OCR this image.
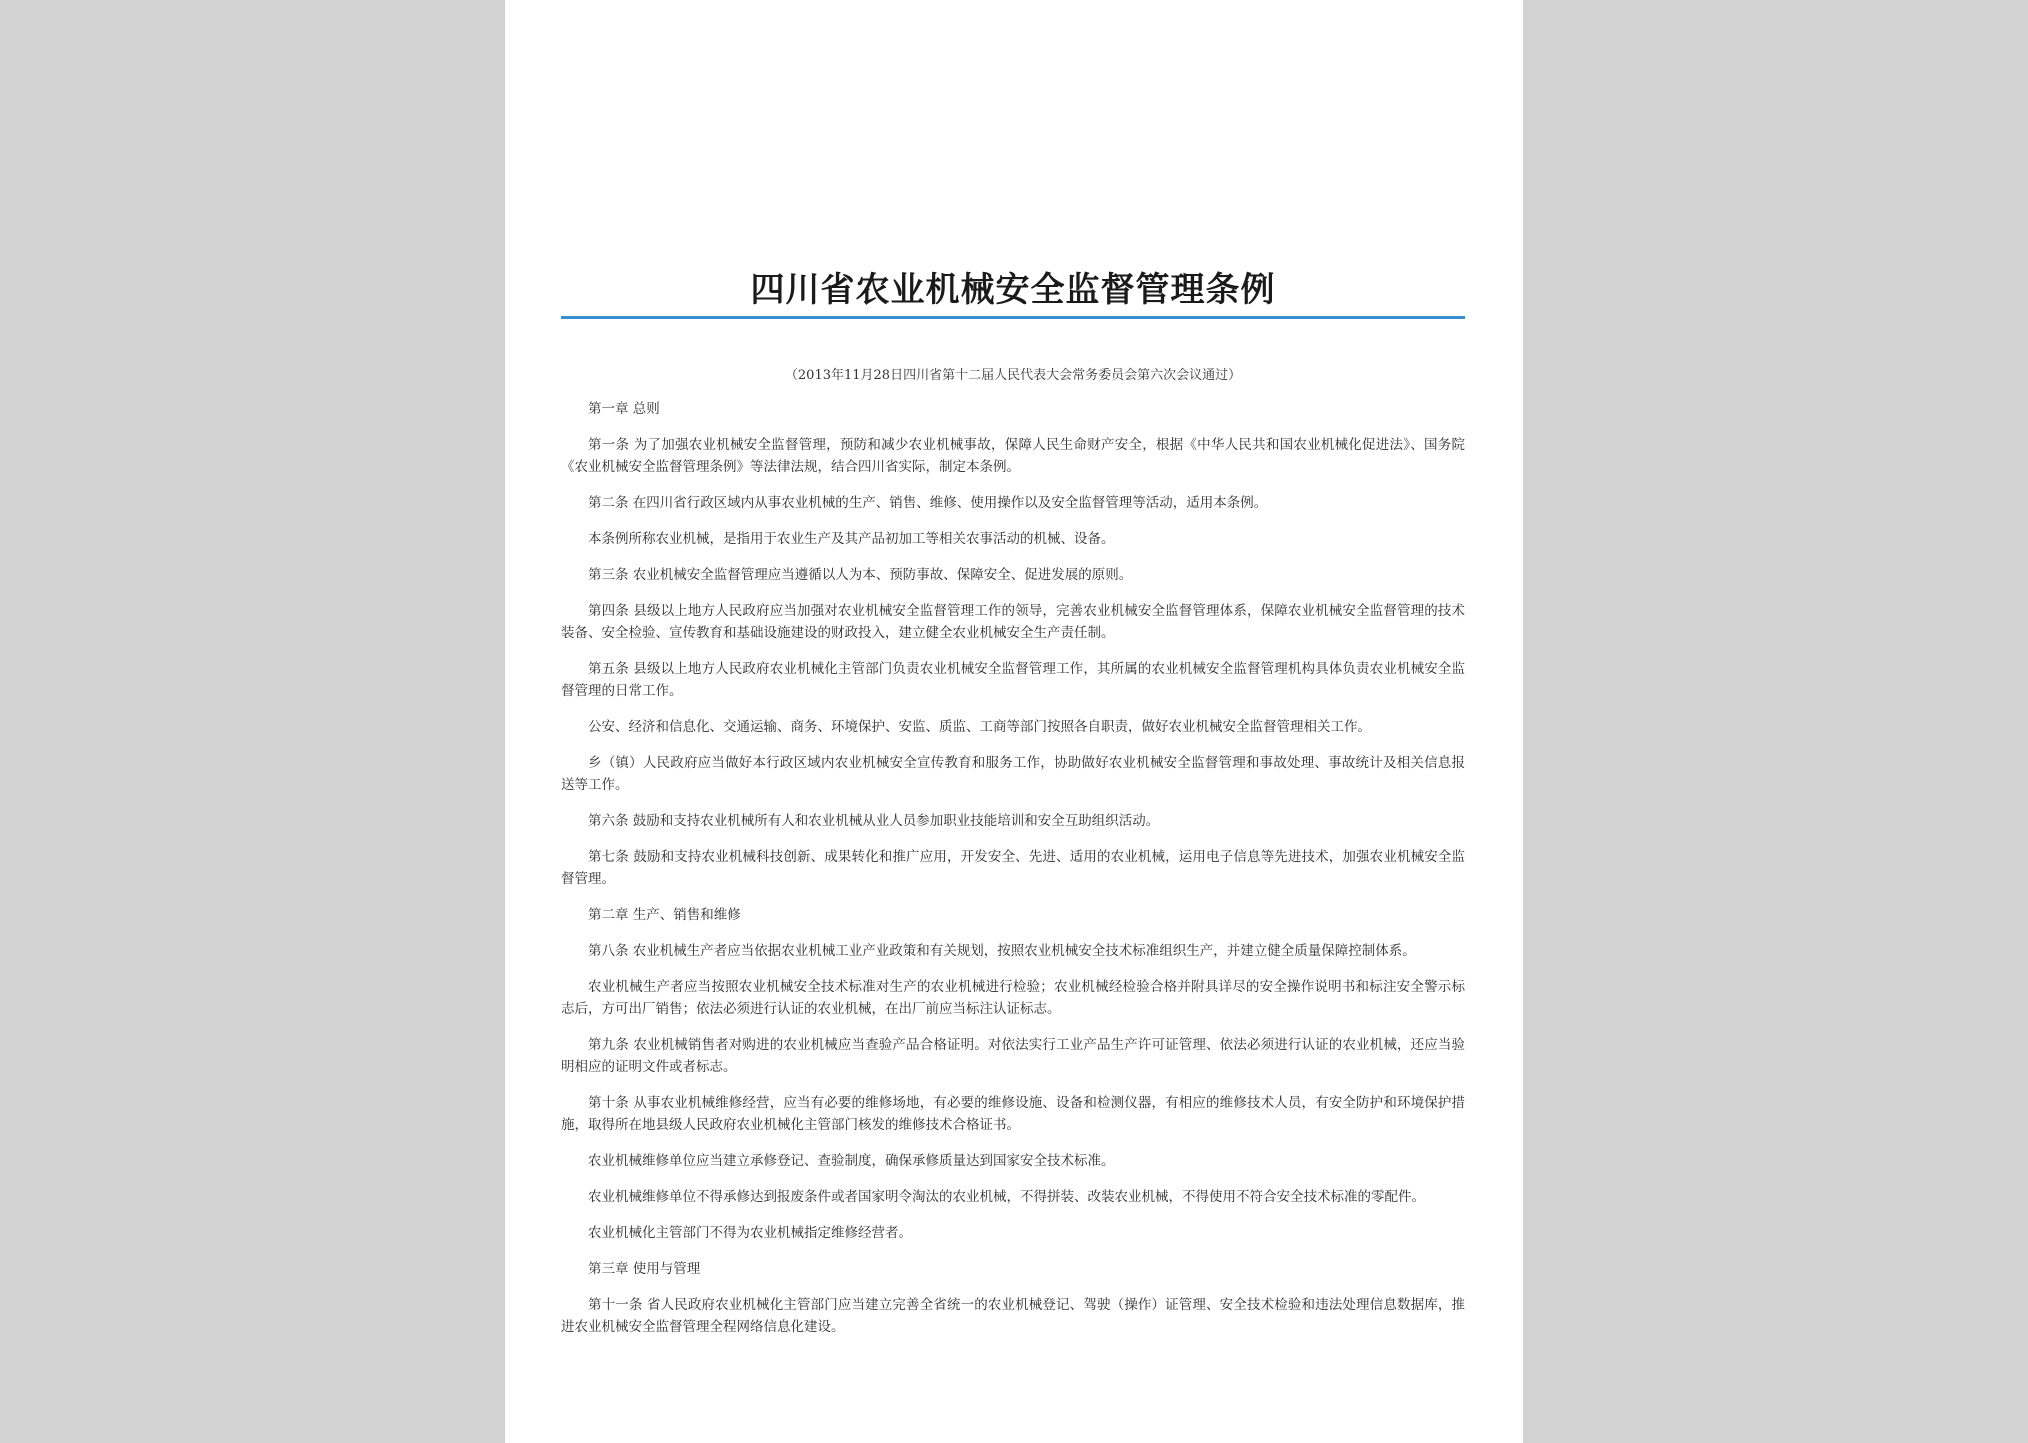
四川省农业机械安全监督管理条例
（2013年11月28日四川省第十二届人民代表大会常务委员会第六次会议通过）

第一章 总则

第一条 为了加强农业机械安全监督管理，预防和减少农业机械事故，保障人民生命财产安全，根据《中华人民共和国农业机械化促进法》、国务院《农业机械安全监督管理条例》等法律法规，结合四川省实际，制定本条例。

第二条 在四川省行政区域内从事农业机械的生产、销售、维修、使用操作以及安全监督管理等活动，适用本条例。

本条例所称农业机械，是指用于农业生产及其产品初加工等相关农事活动的机械、设备。

第三条 农业机械安全监督管理应当遵循以人为本、预防事故、保障安全、促进发展的原则。

第四条 县级以上地方人民政府应当加强对农业机械安全监督管理工作的领导，完善农业机械安全监督管理体系，保障农业机械安全监督管理的技术装备、安全检验、宣传教育和基础设施建设的财政投入，建立健全农业机械安全生产责任制。

第五条 县级以上地方人民政府农业机械化主管部门负责农业机械安全监督管理工作，其所属的农业机械安全监督管理机构具体负责农业机械安全监督管理的日常工作。

公安、经济和信息化、交通运输、商务、环境保护、安监、质监、工商等部门按照各自职责，做好农业机械安全监督管理相关工作。

乡（镇）人民政府应当做好本行政区域内农业机械安全宣传教育和服务工作，协助做好农业机械安全监督管理和事故处理、事故统计及相关信息报送等工作。

第六条 鼓励和支持农业机械所有人和农业机械从业人员参加职业技能培训和安全互助组织活动。

第七条 鼓励和支持农业机械科技创新、成果转化和推广应用，开发安全、先进、适用的农业机械，运用电子信息等先进技术，加强农业机械安全监督管理。

第二章 生产、销售和维修

第八条 农业机械生产者应当依据农业机械工业产业政策和有关规划，按照农业机械安全技术标准组织生产，并建立健全质量保障控制体系。

农业机械生产者应当按照农业机械安全技术标准对生产的农业机械进行检验；农业机械经检验合格并附具详尽的安全操作说明书和标注安全警示标志后，方可出厂销售；依法必须进行认证的农业机械，在出厂前应当标注认证标志。

第九条 农业机械销售者对购进的农业机械应当查验产品合格证明。对依法实行工业产品生产许可证管理、依法必须进行认证的农业机械，还应当验明相应的证明文件或者标志。

第十条 从事农业机械维修经营，应当有必要的维修场地，有必要的维修设施、设备和检测仪器，有相应的维修技术人员，有安全防护和环境保护措施，取得所在地县级人民政府农业机械化主管部门核发的维修技术合格证书。

农业机械维修单位应当建立承修登记、查验制度，确保承修质量达到国家安全技术标准。

农业机械维修单位不得承修达到报废条件或者国家明令淘汰的农业机械，不得拼装、改装农业机械，不得使用不符合安全技术标准的零配件。

农业机械化主管部门不得为农业机械指定维修经营者。

第三章 使用与管理

第十一条 省人民政府农业机械化主管部门应当建立完善全省统一的农业机械登记、驾驶（操作）证管理、安全技术检验和违法处理信息数据库，推进农业机械安全监督管理全程网络信息化建设。
